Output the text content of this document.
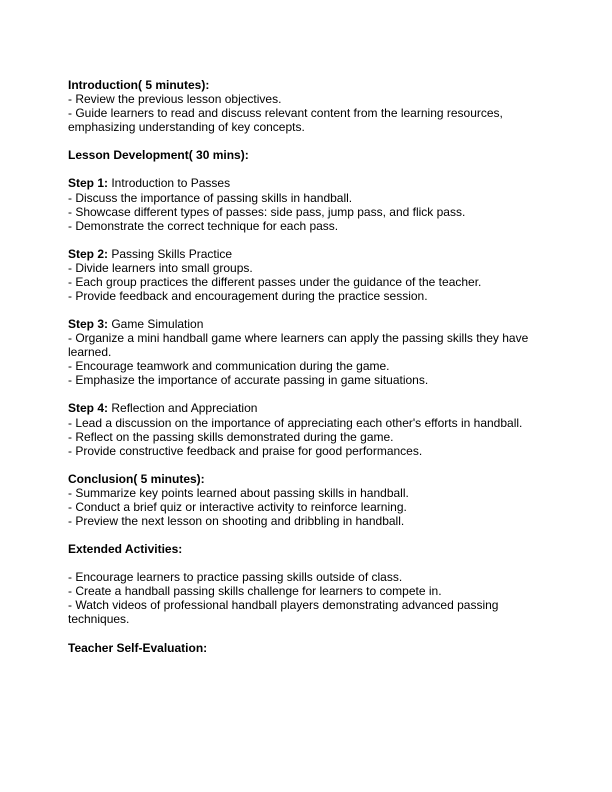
Introduction( 5 minutes):
- Review the previous lesson objectives.
- Guide learners to read and discuss relevant content from the learning resources, emphasizing understanding of key concepts.
Lesson Development( 30 mins):
Step 1: Introduction to Passes
- Discuss the importance of passing skills in handball.
- Showcase different types of passes: side pass, jump pass, and flick pass.
- Demonstrate the correct technique for each pass.
Step 2: Passing Skills Practice
- Divide learners into small groups.
- Each group practices the different passes under the guidance of the teacher.
- Provide feedback and encouragement during the practice session.
Step 3: Game Simulation
- Organize a mini handball game where learners can apply the passing skills they have learned.
- Encourage teamwork and communication during the game.
- Emphasize the importance of accurate passing in game situations.
Step 4: Reflection and Appreciation
- Lead a discussion on the importance of appreciating each other's efforts in handball.
- Reflect on the passing skills demonstrated during the game.
- Provide constructive feedback and praise for good performances.
Conclusion( 5 minutes):
- Summarize key points learned about passing skills in handball.
- Conduct a brief quiz or interactive activity to reinforce learning.
- Preview the next lesson on shooting and dribbling in handball.
Extended Activities:
- Encourage learners to practice passing skills outside of class.
- Create a handball passing skills challenge for learners to compete in.
- Watch videos of professional handball players demonstrating advanced passing techniques.
Teacher Self-Evaluation:
